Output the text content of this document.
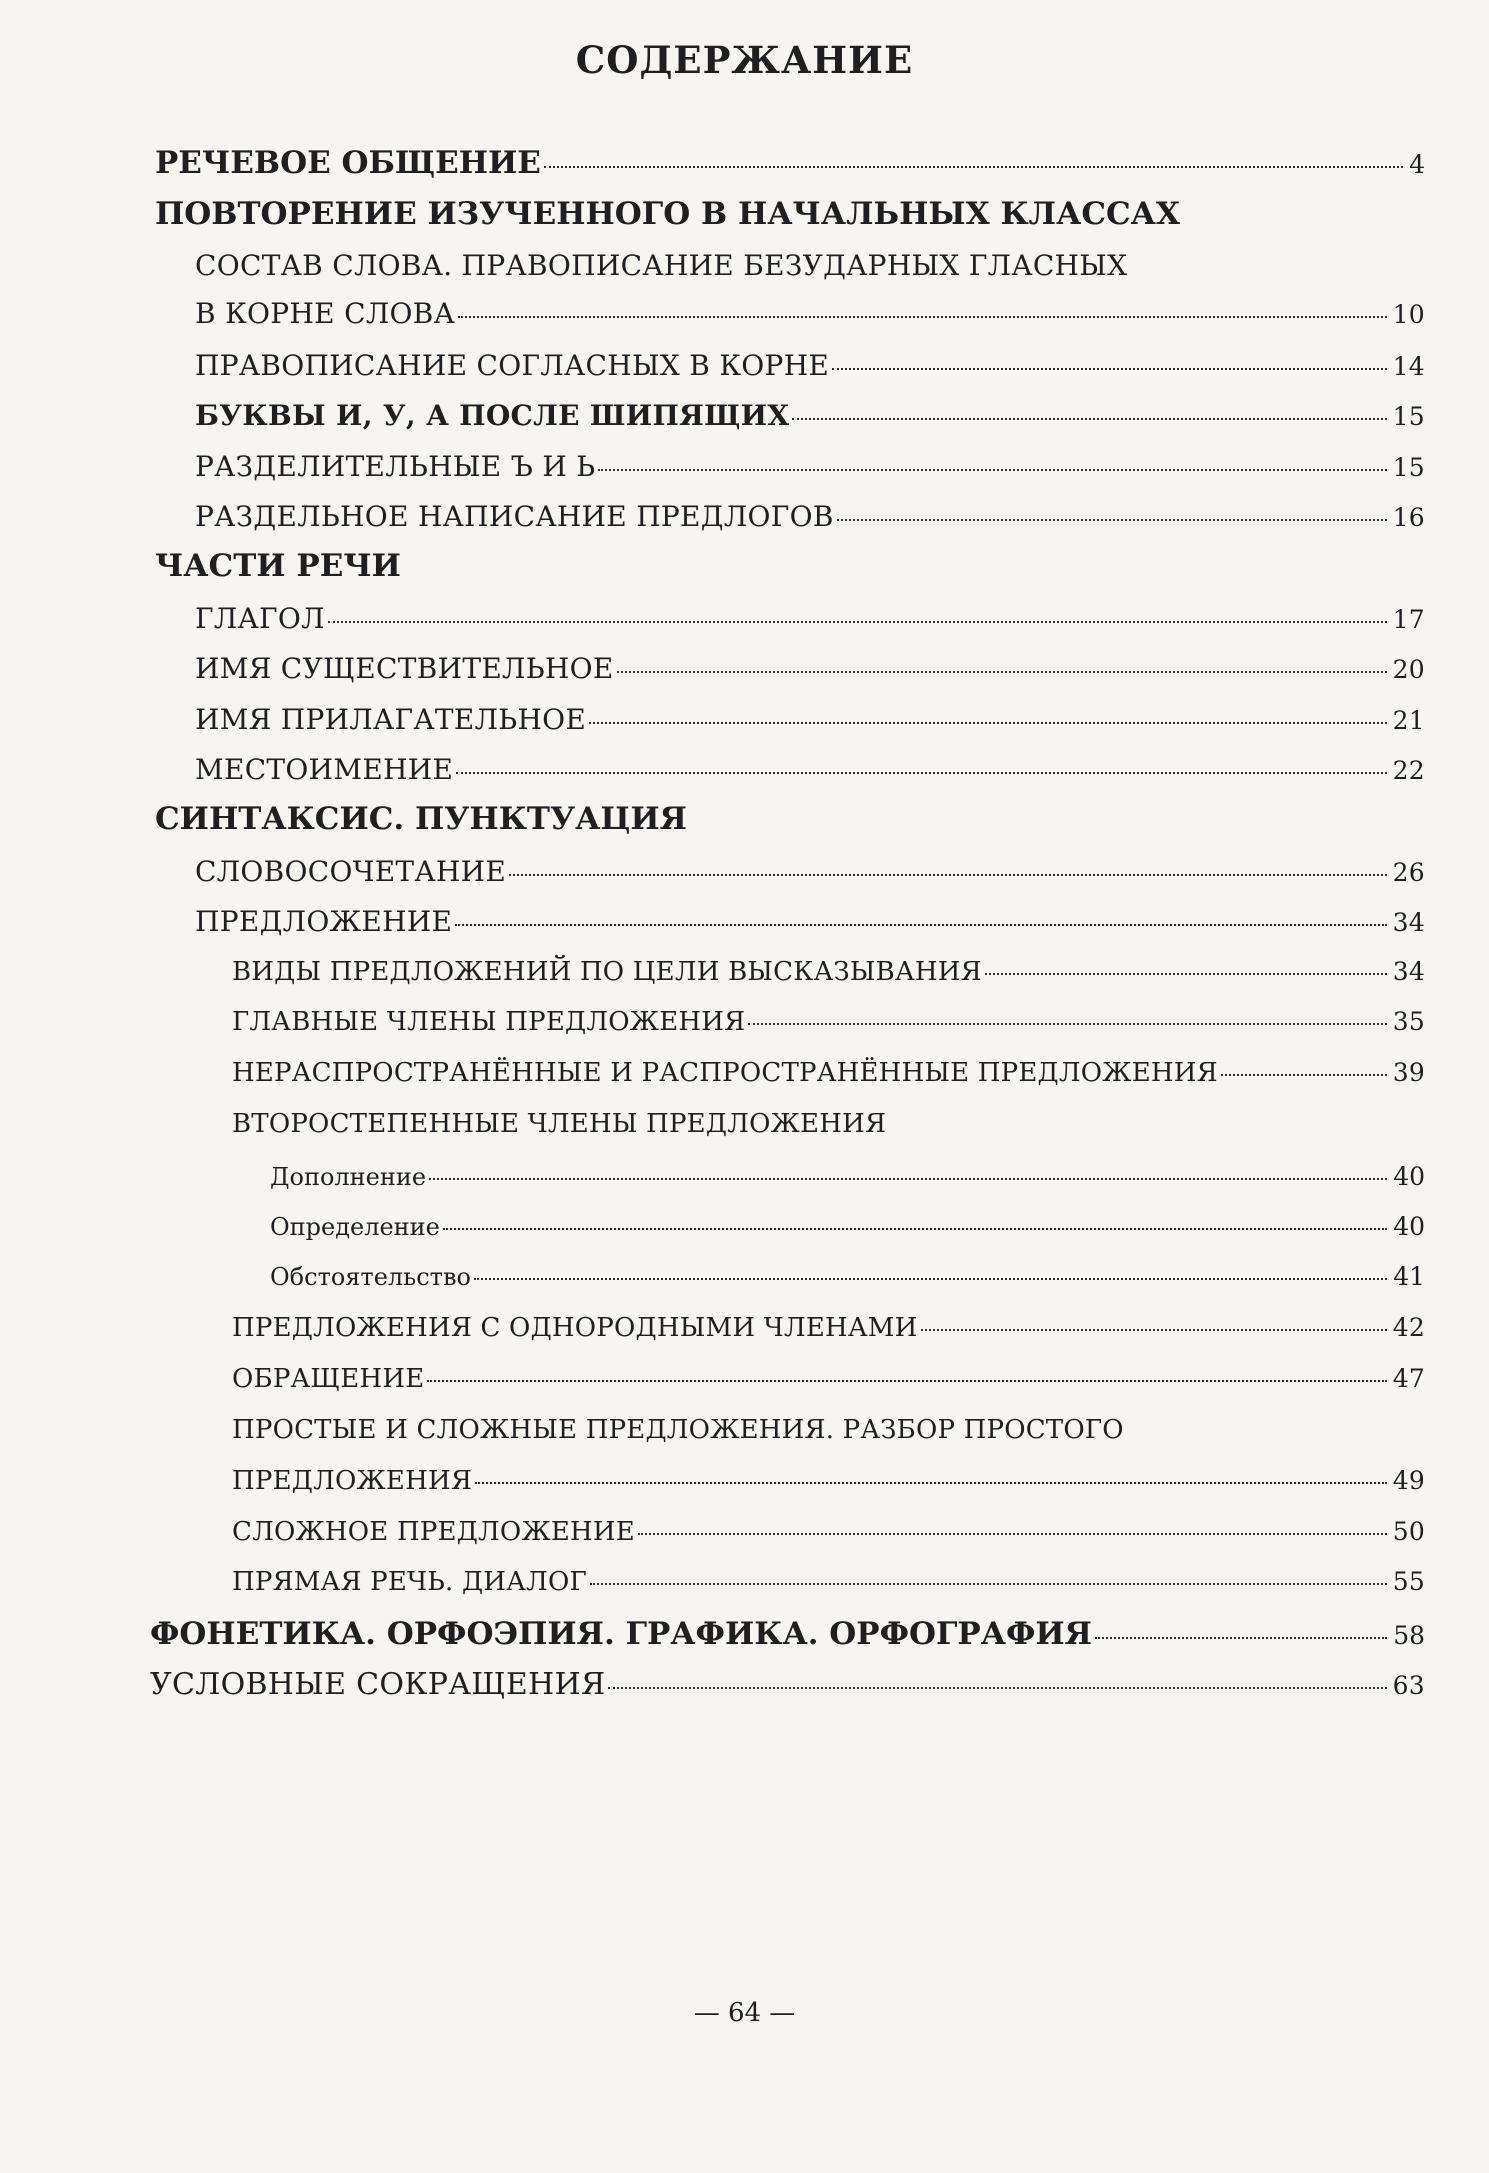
СОДЕРЖАНИЕ
РЕЧЕВОЕ ОБЩЕНИЕ	4
ПОВТОРЕНИЕ ИЗУЧЕННОГО В НАЧАЛЬНЫХ КЛАССАХ
СОСТАВ СЛОВА. ПРАВОПИСАНИЕ БЕЗУДАРНЫХ ГЛАСНЫХ
В КОРНЕ СЛОВА	10
ПРАВОПИСАНИЕ СОГЛАСНЫХ В КОРНЕ	14
БУКВЫ И, У, А ПОСЛЕ ШИПЯЩИХ	15
РАЗДЕЛИТЕЛЬНЫЕ Ъ И Ь	15
РАЗДЕЛЬНОЕ НАПИСАНИЕ ПРЕДЛОГОВ	16
ЧАСТИ РЕЧИ
ГЛАГОЛ	17
ИМЯ СУЩЕСТВИТЕЛЬНОЕ	20
ИМЯ ПРИЛАГАТЕЛЬНОЕ	21
МЕСТОИМЕНИЕ	22
СИНТАКСИС. ПУНКТУАЦИЯ
СЛОВОСОЧЕТАНИЕ	26
ПРЕДЛОЖЕНИЕ	34
ВИДЫ ПРЕДЛОЖЕНИЙ ПО ЦЕЛИ ВЫСКАЗЫВАНИЯ	34
ГЛАВНЫЕ ЧЛЕНЫ ПРЕДЛОЖЕНИЯ	35
НЕРАСПРОСТРАНЁННЫЕ И РАСПРОСТРАНЁННЫЕ ПРЕДЛОЖЕНИЯ	39
ВТОРОСТЕПЕННЫЕ ЧЛЕНЫ ПРЕДЛОЖЕНИЯ
Дополнение	40
Определение	40
Обстоятельство	41
ПРЕДЛОЖЕНИЯ С ОДНОРОДНЫМИ ЧЛЕНАМИ	42
ОБРАЩЕНИЕ	47
ПРОСТЫЕ И СЛОЖНЫЕ ПРЕДЛОЖЕНИЯ. РАЗБОР ПРОСТОГО
ПРЕДЛОЖЕНИЯ	49
СЛОЖНОЕ ПРЕДЛОЖЕНИЕ	50
ПРЯМАЯ РЕЧЬ. ДИАЛОГ	55
ФОНЕТИКА. ОРФОЭПИЯ. ГРАФИКА. ОРФОГРАФИЯ	58
УСЛОВНЫЕ СОКРАЩЕНИЯ	63
— 64 —
